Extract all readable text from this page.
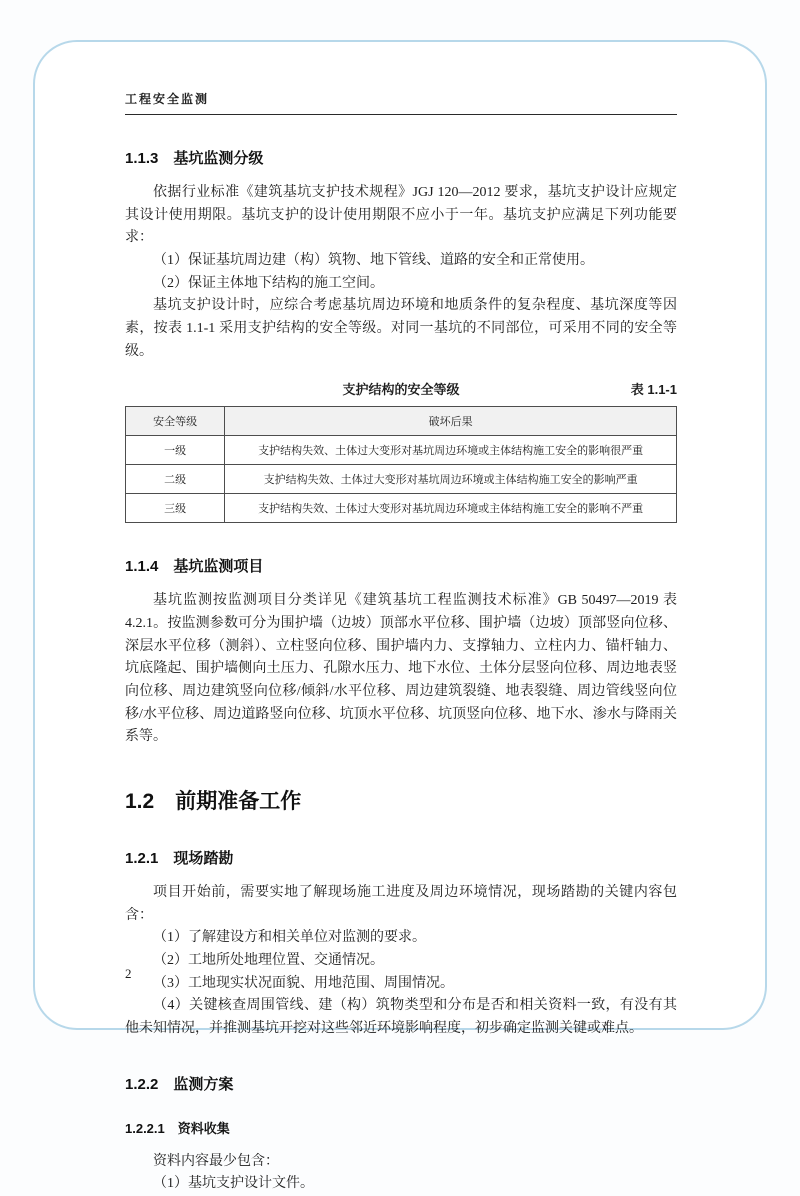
工程安全监测
1.1.3　基坑监测分级

依据行业标准《建筑基坑支护技术规程》JGJ 120—2012 要求，基坑支护设计应规定其设计使用期限。基坑支护的设计使用期限不应小于一年。基坑支护应满足下列功能要求：

（1）保证基坑周边建（构）筑物、地下管线、道路的安全和正常使用。

（2）保证主体地下结构的施工空间。

基坑支护设计时，应综合考虑基坑周边环境和地质条件的复杂程度、基坑深度等因素，按表 1.1-1 采用支护结构的安全等级。对同一基坑的不同部位，可采用不同的安全等级。

支护结构的安全等级	表 1.1-1
安全等级	破坏后果
一级	支护结构失效、土体过大变形对基坑周边环境或主体结构施工安全的影响很严重
二级	支护结构失效、土体过大变形对基坑周边环境或主体结构施工安全的影响严重
三级	支护结构失效、土体过大变形对基坑周边环境或主体结构施工安全的影响不严重
1.1.4　基坑监测项目

基坑监测按监测项目分类详见《建筑基坑工程监测技术标准》GB 50497—2019 表 4.2.1。按监测参数可分为围护墙（边坡）顶部水平位移、围护墙（边坡）顶部竖向位移、深层水平位移（测斜）、立柱竖向位移、围护墙内力、支撑轴力、立柱内力、锚杆轴力、坑底隆起、围护墙侧向土压力、孔隙水压力、地下水位、土体分层竖向位移、周边地表竖向位移、周边建筑竖向位移/倾斜/水平位移、周边建筑裂缝、地表裂缝、周边管线竖向位移/水平位移、周边道路竖向位移、坑顶水平位移、坑顶竖向位移、地下水、渗水与降雨关系等。

1.2　前期准备工作
1.2.1　现场踏勘

项目开始前，需要实地了解现场施工进度及周边环境情况，现场踏勘的关键内容包含：

（1）了解建设方和相关单位对监测的要求。

（2）工地所处地理位置、交通情况。

（3）工地现实状况面貌、用地范围、周围情况。

（4）关键核查周围管线、建（构）筑物类型和分布是否和相关资料一致，有没有其他未知情况，并推测基坑开挖对这些邻近环境影响程度，初步确定监测关键或难点。

1.2.2　监测方案
1.2.2.1　资料收集

资料内容最少包含：

（1）基坑支护设计文件。

2
